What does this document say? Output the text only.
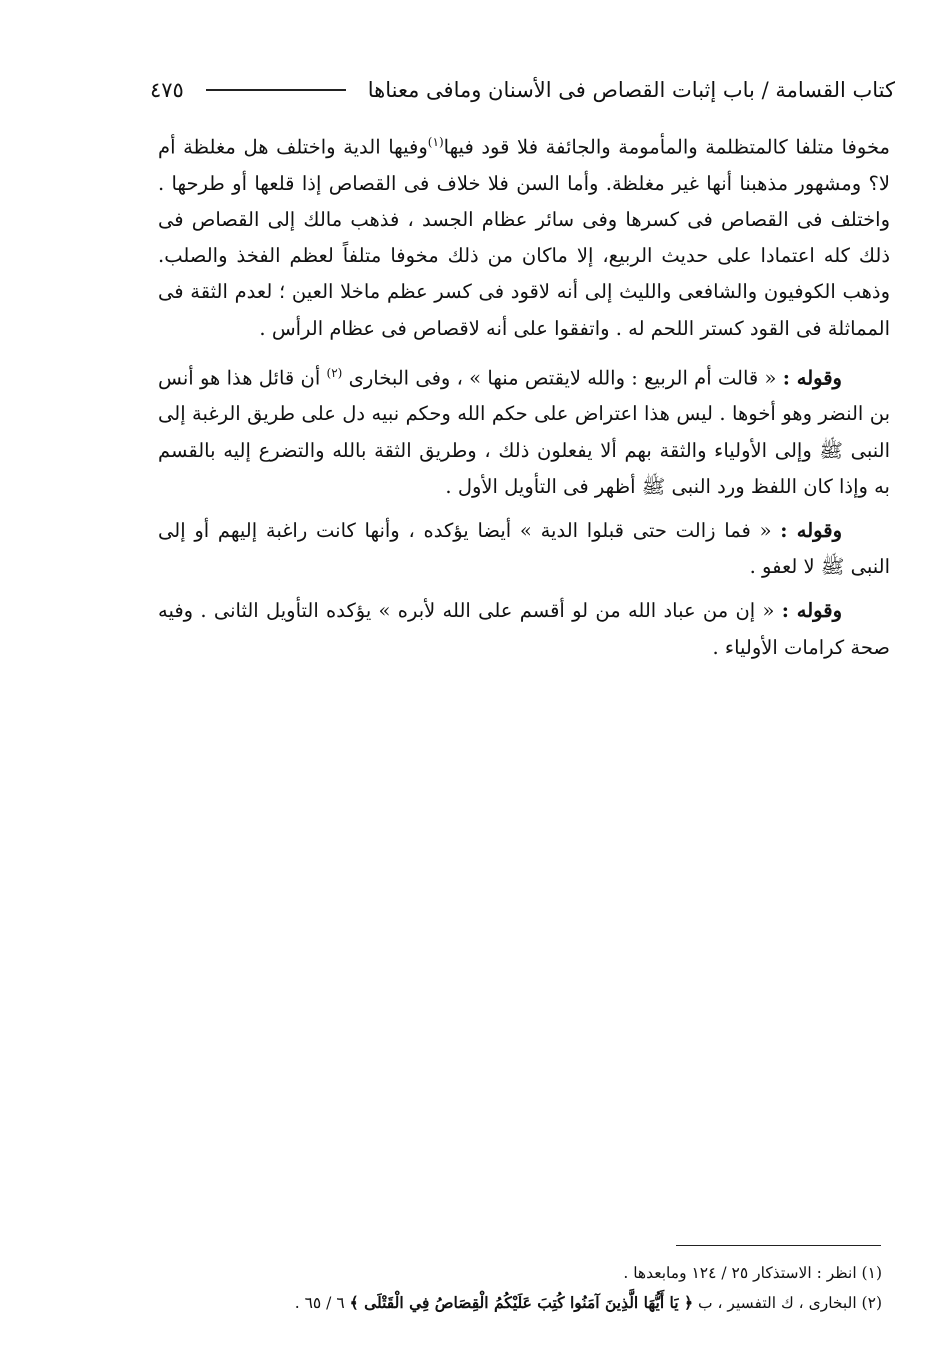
كتاب القسامة / باب إثبات القصاص فى الأسنان ومافى معناها
٤٧٥

مخوفا متلفا كالمتظلمة والمأمومة والجائفة فلا قود فيها$^{(١)}$وفيها الدية واختلف هل مغلظة أم لا؟ ومشهور مذهبنا أنها غير مغلظة. وأما السن فلا خلاف فى القصاص إذا قلعها أو طرحها . واختلف فى القصاص فى كسرها وفى سائر عظام الجسد ، فذهب مالك إلى القصاص فى ذلك كله اعتمادا على حديث الربيع، إلا ماكان من ذلك مخوفا متلفاً لعظم الفخذ والصلب. وذهب الكوفيون والشافعى والليث إلى أنه لاقود فى كسر عظم ماخلا العين ؛ لعدم الثقة فى المماثلة فى القود كستر اللحم له . واتفقوا على أنه لاقصاص فى عظام الرأس .

وقوله : « قالت أم الربيع : والله لايقتص منها » ، وفى البخارى $^{(٢)}$ أن قائل هذا هو أنس بن النضر وهو أخوها . ليس هذا اعتراض على حكم الله وحكم نبيه دل على طريق الرغبة إلى النبى ﷺ وإلى الأولياء والثقة بهم ألا يفعلون ذلك ، وطريق الثقة بالله والتضرع إليه بالقسم به وإذا كان اللفظ ورد النبى ﷺ أظهر فى التأويل الأول .

وقوله : « فما زالت حتى قبلوا الدية » أيضا يؤكده ، وأنها كانت راغبة إليهم أو إلى النبى ﷺ لا لعفو .

وقوله : « إن من عباد الله من لو أقسم على الله لأبره » يؤكده التأويل الثانى . وفيه صحة كرامات الأولياء .

(١) انظر : الاستذكار ٢٥ / ١٢٤ ومابعدها .
(٢) البخارى ، ك التفسير ، ب ﴿ يَا أَيُّهَا الَّذِينَ آمَنُوا كُتِبَ عَلَيْكُمُ الْقِصَاصُ فِي الْقَتْلَى ﴾ ٦ / ٦٥ .
